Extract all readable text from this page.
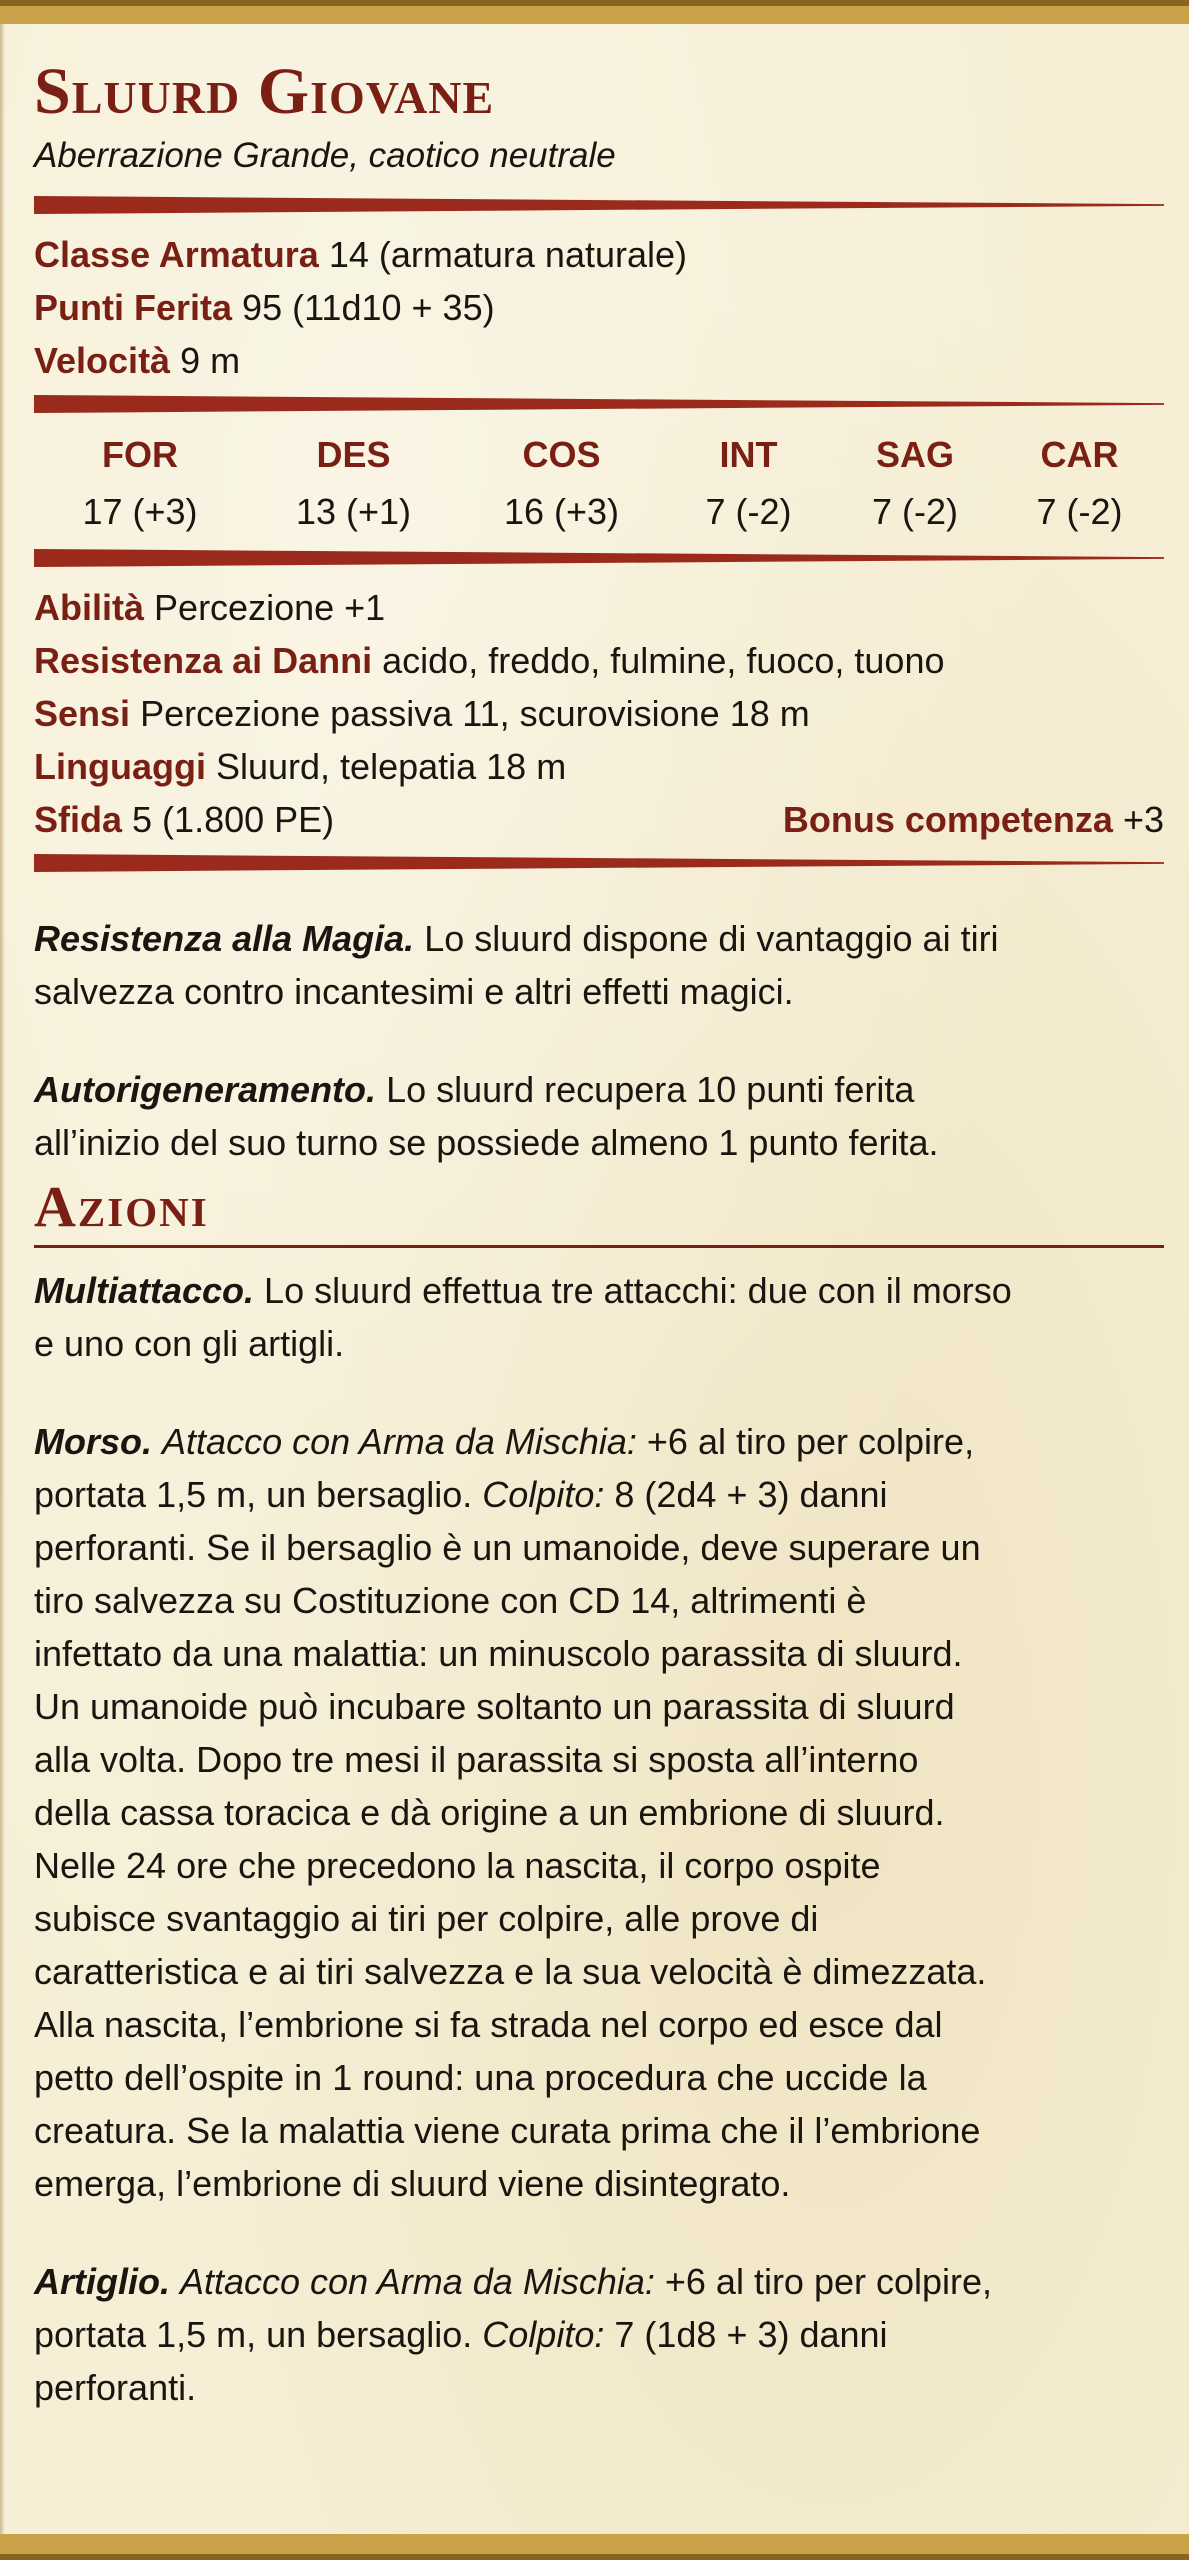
Sluurd Giovane

Aberrazione Grande, caotico neutrale

Classe Armatura 14 (armatura naturale)

Punti Ferita 95 (11d10 + 35)

Velocità 9 m

FOR	DES	COS	INT	SAG	CAR
17 (+3)	13 (+1)	16 (+3)	7 (-2)	7 (-2)	7 (-2)

Abilità Percezione +1

Resistenza ai Danni acido, freddo, fulmine, fuoco, tuono

Sensi Percezione passiva 11, scurovisione 18 m

Linguaggi Sluurd, telepatia 18 m

Sfida 5 (1.800 PE)	Bonus competenza +3

Resistenza alla Magia. Lo sluurd dispone di vantaggio ai tiri
salvezza contro incantesimi e altri effetti magici.

Autorigeneramento. Lo sluurd recupera 10 punti ferita
all’inizio del suo turno se possiede almeno 1 punto ferita.

Azioni

Multiattacco. Lo sluurd effettua tre attacchi: due con il morso
e uno con gli artigli.

Morso. Attacco con Arma da Mischia: +6 al tiro per colpire,
portata 1,5 m, un bersaglio. Colpito: 8 (2d4 + 3) danni
perforanti. Se il bersaglio è un umanoide, deve superare un
tiro salvezza su Costituzione con CD 14, altrimenti è
infettato da una malattia: un minuscolo parassita di sluurd.
Un umanoide può incubare soltanto un parassita di sluurd
alla volta. Dopo tre mesi il parassita si sposta all’interno
della cassa toracica e dà origine a un embrione di sluurd.
Nelle 24 ore che precedono la nascita, il corpo ospite
subisce svantaggio ai tiri per colpire, alle prove di
caratteristica e ai tiri salvezza e la sua velocità è dimezzata.
Alla nascita, l’embrione si fa strada nel corpo ed esce dal
petto dell’ospite in 1 round: una procedura che uccide la
creatura. Se la malattia viene curata prima che il l’embrione
emerga, l’embrione di sluurd viene disintegrato.

Artiglio. Attacco con Arma da Mischia: +6 al tiro per colpire,
portata 1,5 m, un bersaglio. Colpito: 7 (1d8 + 3) danni
perforanti.
